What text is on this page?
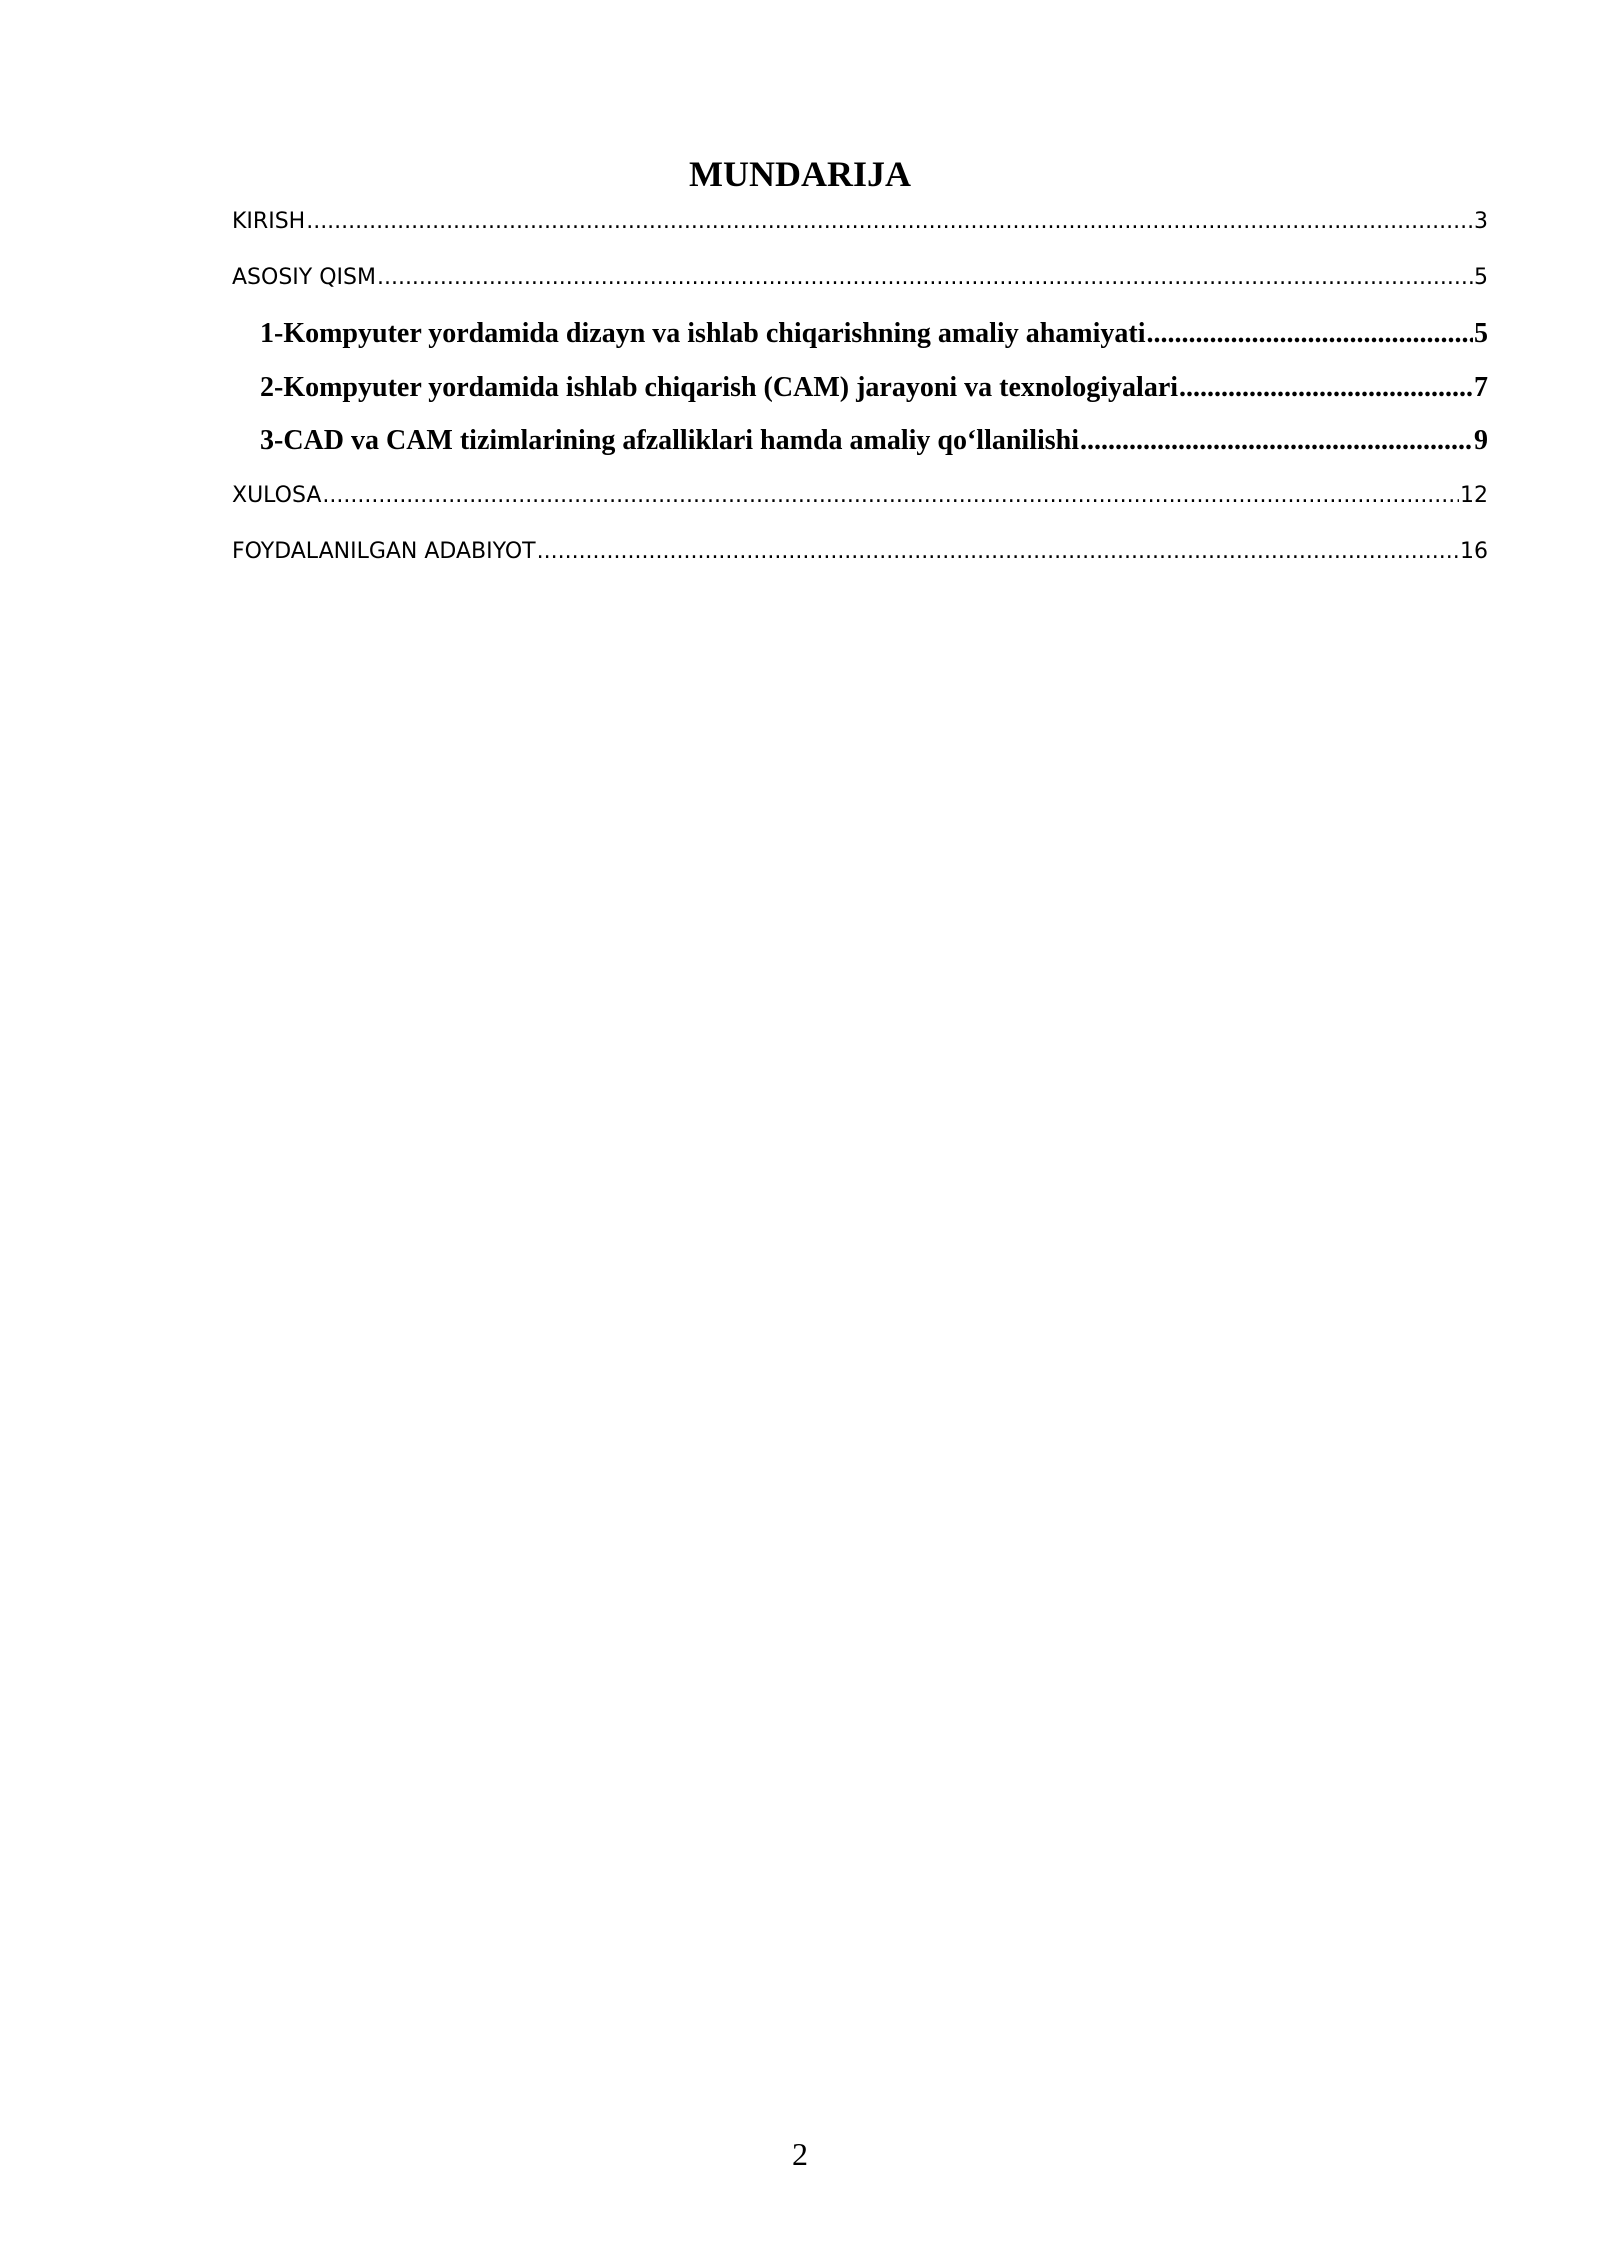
MUNDARIJA
KIRISH .....	3
ASOSIY QISM .....	5
1-Kompyuter yordamida dizayn va ishlab chiqarishning amaliy ahamiyati .....	5
2-Kompyuter yordamida ishlab chiqarish (CAM) jarayoni va texnologiyalari .....	7
3-CAD va CAM tizimlarining afzalliklari hamda amaliy qo‘llanilishi .....	9
XULOSA .....	12
FOYDALANILGAN ADABIYOT .....	16
2
